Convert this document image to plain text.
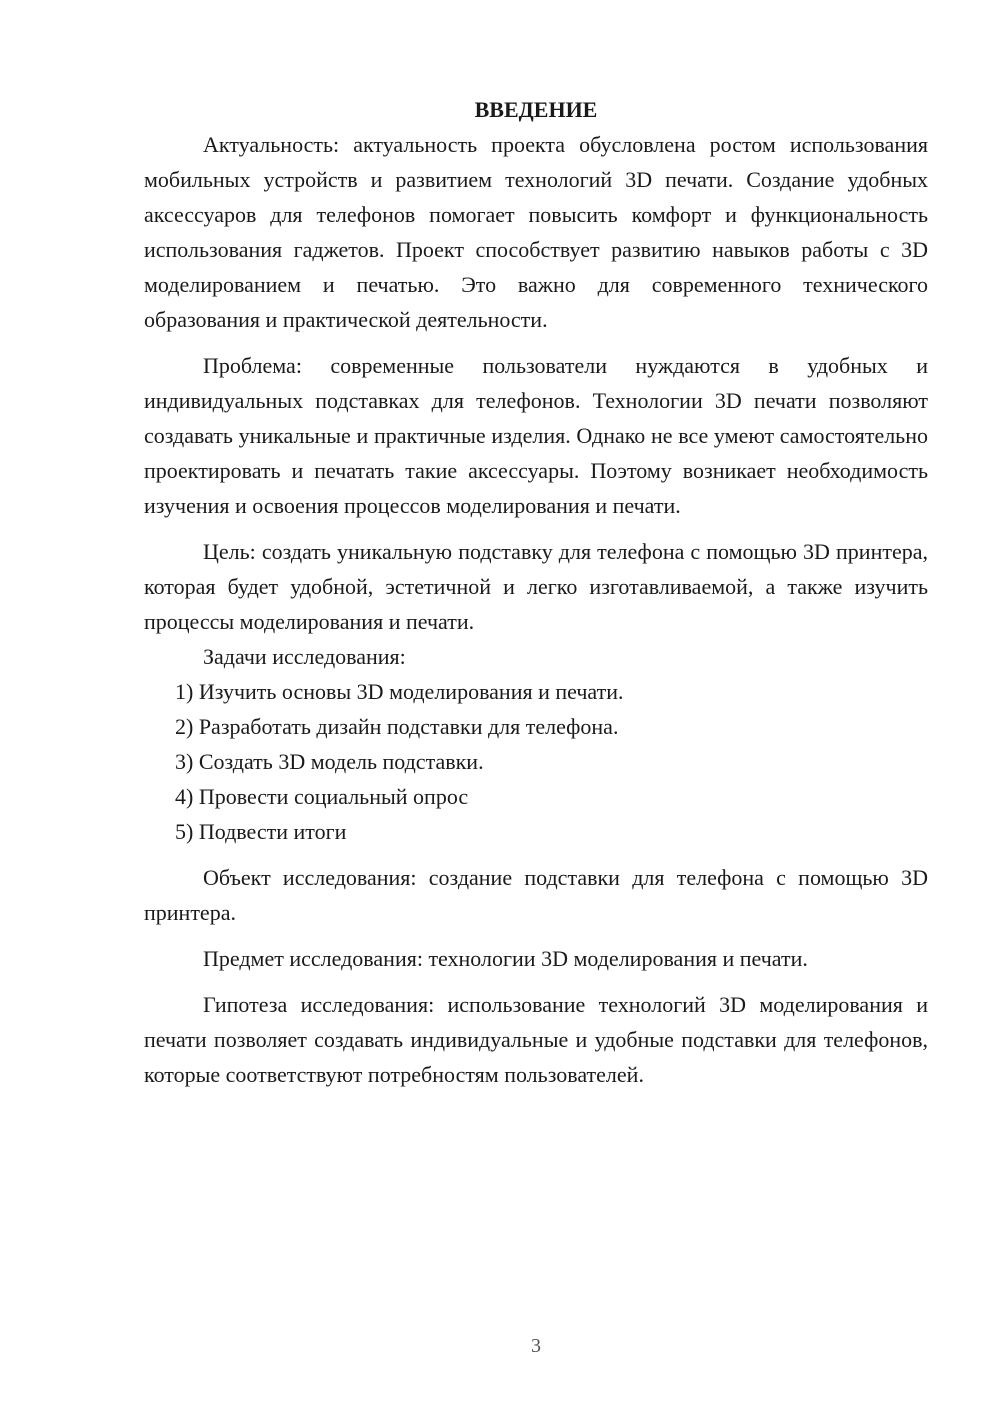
ВВЕДЕНИЕ

Актуальность: актуальность проекта обусловлена ростом использования мобильных устройств и развитием технологий 3D печати. Создание удобных аксессуаров для телефонов помогает повысить комфорт и функциональность использования гаджетов. Проект способствует развитию навыков работы с 3D моделированием и печатью. Это важно для современного технического образования и практической деятельности.

Проблема: современные пользователи нуждаются в удобных и индивидуальных подставках для телефонов. Технологии 3D печати позволяют создавать уникальные и практичные изделия. Однако не все умеют самостоятельно проектировать и печатать такие аксессуары. Поэтому возникает необходимость изучения и освоения процессов моделирования и печати.

Цель: создать уникальную подставку для телефона с помощью 3D принтера, которая будет удобной, эстетичной и легко изготавливаемой, а также изучить процессы моделирования и печати.

Задачи исследования:

1) Изучить основы 3D моделирования и печати.

2) Разработать дизайн подставки для телефона.

3) Создать 3D модель подставки.

4) Провести социальный опрос

5) Подвести итоги

Объект исследования: создание подставки для телефона с помощью 3D принтера.

Предмет исследования: технологии 3D моделирования и печати.

Гипотеза исследования: использование технологий 3D моделирования и печати позволяет создавать индивидуальные и удобные подставки для телефонов, которые соответствуют потребностям пользователей.

3
